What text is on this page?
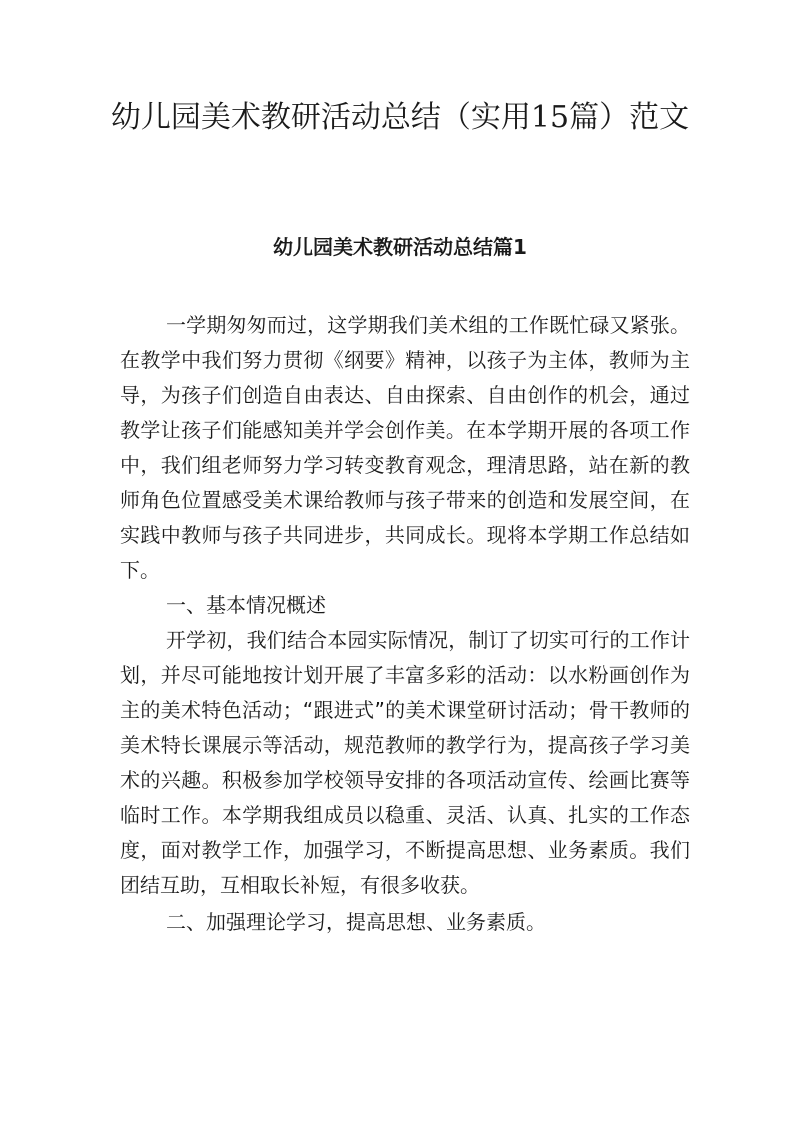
幼儿园美术教研活动总结（实用15篇）范文
幼儿园美术教研活动总结篇1

一学期匆匆而过，这学期我们美术组的工作既忙碌又紧张。在教学中我们努力贯彻《纲要》精神，以孩子为主体，教师为主导，为孩子们创造自由表达、自由探索、自由创作的机会，通过教学让孩子们能感知美并学会创作美。在本学期开展的各项工作中，我们组老师努力学习转变教育观念，理清思路，站在新的教师角色位置感受美术课给教师与孩子带来的创造和发展空间，在实践中教师与孩子共同进步，共同成长。现将本学期工作总结如下。

一、基本情况概述

开学初，我们结合本园实际情况，制订了切实可行的工作计划，并尽可能地按计划开展了丰富多彩的活动：以水粉画创作为主的美术特色活动；“跟进式”的美术课堂研讨活动；骨干教师的美术特长课展示等活动，规范教师的教学行为，提高孩子学习美术的兴趣。积极参加学校领导安排的各项活动宣传、绘画比赛等临时工作。本学期我组成员以稳重、灵活、认真、扎实的工作态度，面对教学工作，加强学习，不断提高思想、业务素质。我们团结互助，互相取长补短，有很多收获。

二、加强理论学习，提高思想、业务素质。
